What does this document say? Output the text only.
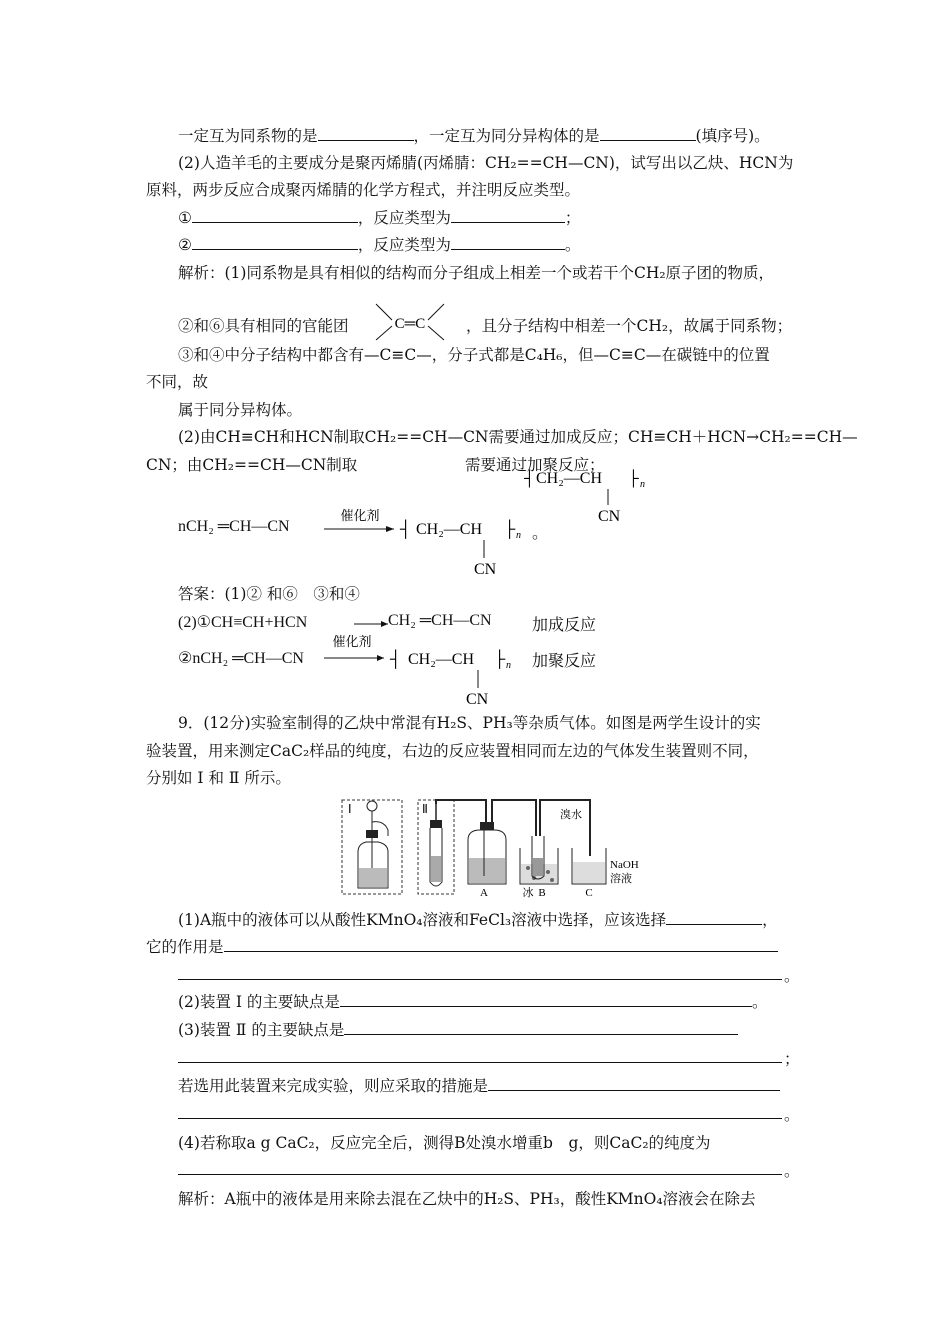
一定互为同系物的是	，一定互为同分异构体的是	(填序号)。
(2)人造羊毛的主要成分是聚丙烯腈(丙烯腈：CH₂==CH—CN)，试写出以乙炔、HCN为
原料，两步反应合成聚丙烯腈的化学方程式，并注明反应类型。
①	，反应类型为	；
②	，反应类型为	。
解析：(1)同系物是具有相似的结构而分子组成上相差一个或若干个CH₂原子团的物质，
②和⑥具有相同的官能团	C═C	，且分子结构中相差一个CH₂，故属于同系物；
③和④中分子结构中都含有—C≡C—，分子式都是C₄H₆，但—C≡C—在碳链中的位置
不同，故
属于同分异构体。
(2)由CH≡CH和HCN制取CH₂==CH—CN需要通过加成反应；CH≡CH＋HCN→CH₂==CH—
CN；由CH₂==CH—CN制取	需要通过加聚反应；
┤ CH₂—CH ├ n
CN
nCH₂ ═CH—CN
催化剂
┤ CH₂—CH ├ n
CN
。
答案：(1)② 和⑥　③和④
(2)①CH≡CH+HCN	CH₂ ═CH—CN	加成反应
②nCH₂ ═CH—CN
催化剂
┤ CH₂—CH ├ n
CN
加聚反应
9．(12分)实验室制得的乙炔中常混有H₂S、PH₃等杂质气体。如图是两学生设计的实
验装置，用来测定CaC₂样品的纯度，右边的反应装置相同而左边的气体发生装置则不同，
分别如 Ⅰ 和 Ⅱ 所示。
Ⅰ	Ⅱ
A	冰 B
溴水
C
NaOH
溶液
(1)A瓶中的液体可以从酸性KMnO₄溶液和FeCl₃溶液中选择，应该选择	，
它的作用是
。
(2)装置 Ⅰ 的主要缺点是	。
(3)装置 Ⅱ 的主要缺点是
；
若选用此装置来完成实验，则应采取的措施是
。
(4)若称取a g CaC₂，反应完全后，测得B处溴水增重b　g，则CaC₂的纯度为
。
解析：A瓶中的液体是用来除去混在乙炔中的H₂S、PH₃，酸性KMnO₄溶液会在除去
